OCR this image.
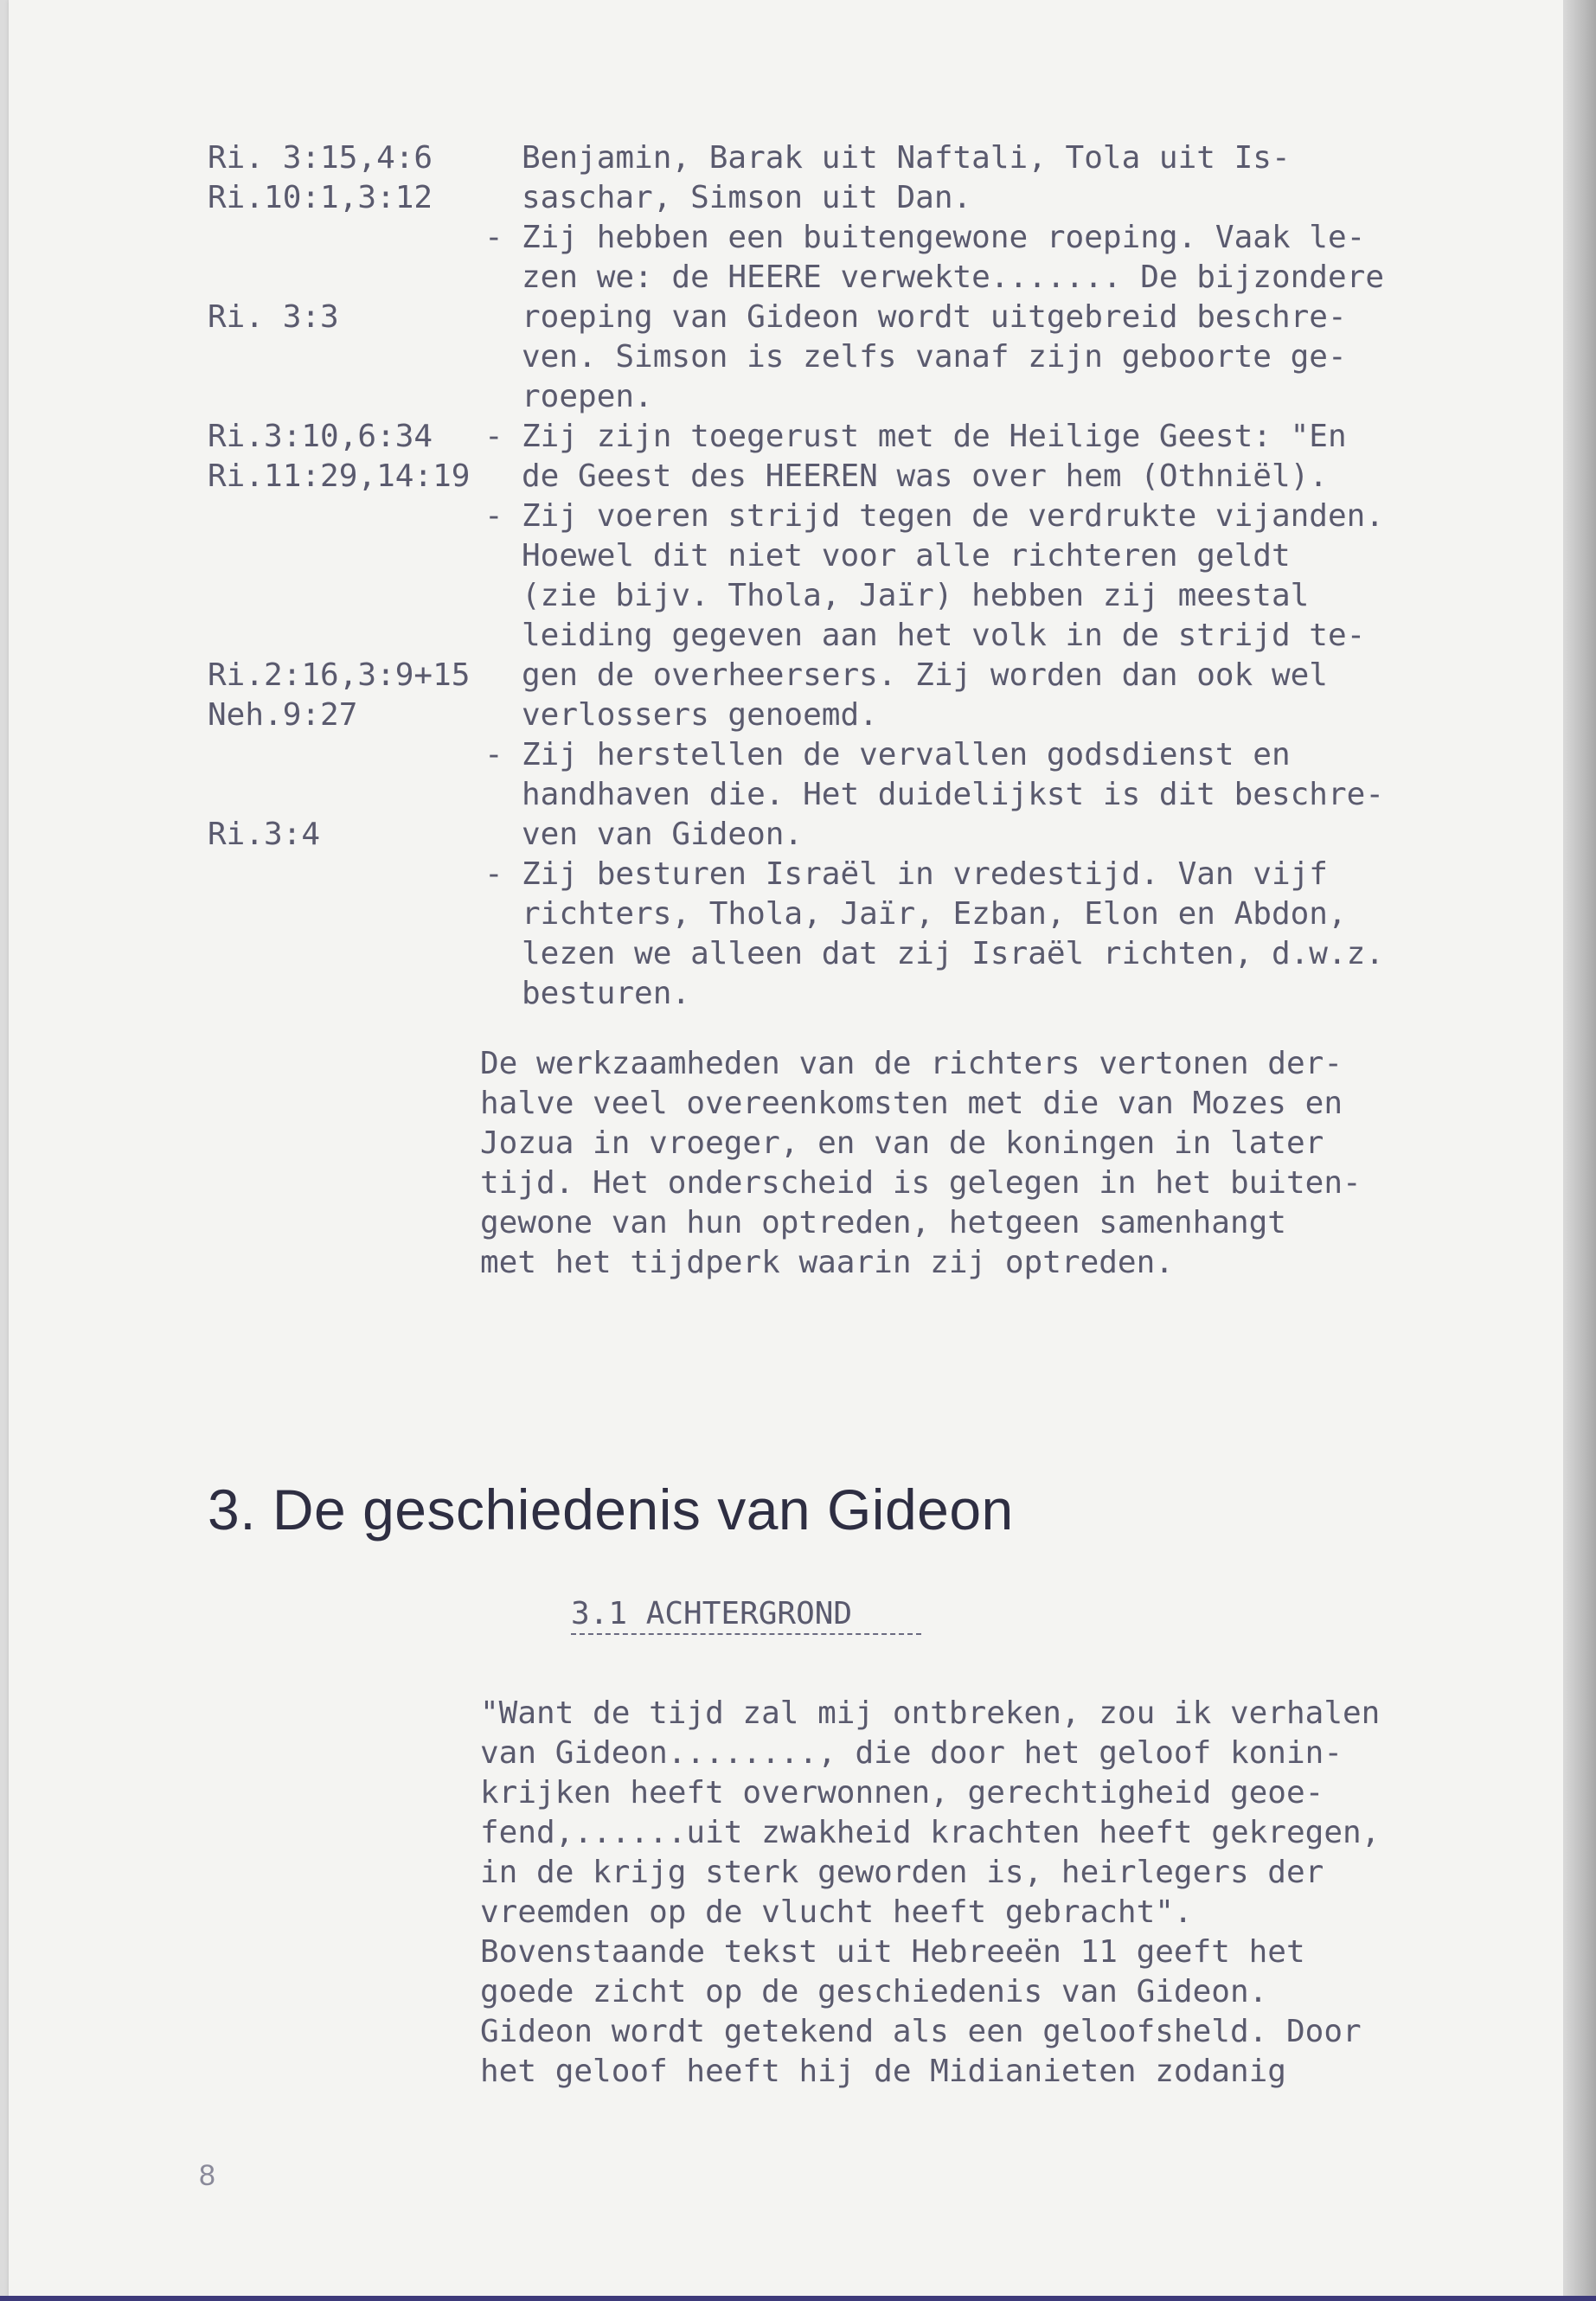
Ri. 3:15,4:6
Ri.10:1,3:12
Ri. 3:3
Ri.3:10,6:34
Ri.11:29,14:19
Ri.2:16,3:9+15
Neh.9:27
Ri.3:4
-
-
-
-
-
Benjamin, Barak uit Naftali, Tola uit Is-
saschar, Simson uit Dan.
Zij hebben een buitengewone roeping. Vaak le-
zen we: de HEERE verwekte....... De bijzondere
roeping van Gideon wordt uitgebreid beschre-
ven. Simson is zelfs vanaf zijn geboorte ge-
roepen.
Zij zijn toegerust met de Heilige Geest: "En
de Geest des HEEREN was over hem (Othniël).
Zij voeren strijd tegen de verdrukte vijanden.
Hoewel dit niet voor alle richteren geldt
(zie bijv. Thola, Jaïr) hebben zij meestal
leiding gegeven aan het volk in de strijd te-
gen de overheersers. Zij worden dan ook wel
verlossers genoemd.
Zij herstellen de vervallen godsdienst en
handhaven die. Het duidelijkst is dit beschre-
ven van Gideon.
Zij besturen Israël in vredestijd. Van vijf
richters, Thola, Jaïr, Ezban, Elon en Abdon,
lezen we alleen dat zij Israël richten, d.w.z.
besturen.
De werkzaamheden van de richters vertonen der-
halve veel overeenkomsten met die van Mozes en
Jozua in vroeger, en van de koningen in later
tijd. Het onderscheid is gelegen in het buiten-
gewone van hun optreden, hetgeen samenhangt
met het tijdperk waarin zij optreden.
3. De geschiedenis van Gideon
3.1 ACHTERGROND
"Want de tijd zal mij ontbreken, zou ik verhalen
van Gideon........, die door het geloof konin-
krijken heeft overwonnen, gerechtigheid geoe-
fend,......uit zwakheid krachten heeft gekregen,
in de krijg sterk geworden is, heirlegers der
vreemden op de vlucht heeft gebracht".
Bovenstaande tekst uit Hebreeën 11 geeft het
goede zicht op de geschiedenis van Gideon.
Gideon wordt getekend als een geloofsheld. Door
het geloof heeft hij de Midianieten zodanig
8
